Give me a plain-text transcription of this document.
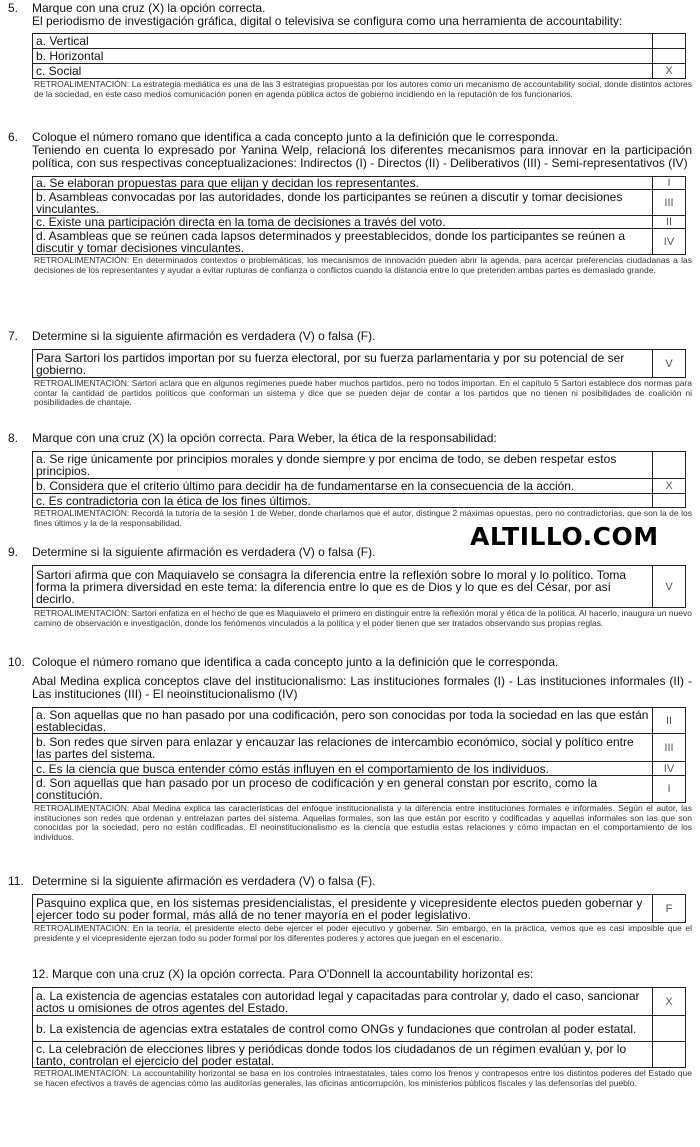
5. Marque con una cruz (X) la opción correcta.
El periodismo de investigación gráfica, digital o televisiva se configura como una herramienta de accountability:
a. Vertical	
b. Horizontal	
c. Social	X
RETROALIMENTACIÓN: La estrategia mediática es una de las 3 estrategias propuestas por los autores como un mecanismo de accountability social, donde distintos actores de la sociedad, en este caso medios comunicación ponen en agenda pública actos de gobierno incidiendo en la reputación de los funcionarios.
6. Coloque el número romano que identifica a cada concepto junto a la definición que le corresponda.
Teniendo en cuenta lo expresado por Yanina Welp, relacioná los diferentes mecanismos para innovar en la participación política, con sus respectivas conceptualizaciones: Indirectos (I) - Directos (II) - Deliberativos (III) - Semi-representativos (IV)
a. Se elaboran propuestas para que elijan y decidan los representantes.	I
b. Asambleas convocadas por las autoridades, donde los participantes se reúnen a discutir y tomar decisiones vinculantes.	III
c. Existe una participación directa en la toma de decisiones a través del voto.	II
d. Asambleas que se reúnen cada lapsos determinados y preestablecidos, donde los participantes se reúnen a discutir y tomar decisiones vinculantes.	IV
RETROALIMENTACIÓN: En determinados contextos o problemáticas, los mecanismos de innovación pueden abrir la agenda, para acercar preferencias ciudadanas a las decisiones de los representantes y ayudar a evitar rupturas de confianza o conflictos cuando la distancia entre lo que pretenden ambas partes es demasiado grande.
7. Determine si la siguiente afirmación es verdadera (V) o falsa (F).
Para Sartori los partidos importan por su fuerza electoral, por su fuerza parlamentaria y por su potencial de ser gobierno.	V
RETROALIMENTACIÓN: Sartori aclara que en algunos regímenes puede haber muchos partidos, pero no todos importan. En el capítulo 5 Sartori establece dos normas para contar la cantidad de partidos políticos que conforman un sistema y dice que se pueden dejar de contar a los partidos que no tienen ni posibilidades de coalición ni posibilidades de chantaje.
8. Marque con una cruz (X) la opción correcta. Para Weber, la ética de la responsabilidad:
a. Se rige únicamente por principios morales y donde siempre y por encima de todo, se deben respetar estos principios.	
b. Considera que el criterio último para decidir ha de fundamentarse en la consecuencia de la acción.	X
c. Es contradictoria con la ética de los fines últimos.	
RETROALIMENTACIÓN: Recordá la tutoría de la sesión 1 de Weber, donde charlamos que el autor, distingue 2 máximas opuestas, pero no contradictorias, que son la de los fines últimos y la de la responsabilidad.	ALTILLO.COM
9. Determine si la siguiente afirmación es verdadera (V) o falsa (F).
Sartori afirma que con Maquiavelo se consagra la diferencia entre la reflexión sobre lo moral y lo político. Toma forma la primera diversidad en este tema: la diferencia entre lo que es de Dios y lo que es del César, por así decirlo.	V
RETROALIMENTACIÓN: Sartori enfatiza en el hecho de que es Maquiavelo el primero en distinguir entre la reflexión moral y ética de la política. Al hacerlo, inaugura un nuevo camino de observación e investigación, donde los fenómenos vinculados a la política y el poder tienen que ser tratados observando sus propias reglas.
10. Coloque el número romano que identifica a cada concepto junto a la definición que le corresponda.
Abal Medina explica conceptos clave del institucionalismo: Las instituciones formales (I) - Las instituciones informales (II) - Las instituciones (III) - El neoinstitucionalismo (IV)
a. Son aquellas que no han pasado por una codificación, pero son conocidas por toda la sociedad en las que están establecidas.	II
b. Son redes que sirven para enlazar y encauzar las relaciones de intercambio económico, social y político entre las partes del sistema.	III
c. Es la ciencia que busca entender cómo estás influyen en el comportamiento de los individuos.	IV
d. Son aquellas que han pasado por un proceso de codificación y en general constan por escrito, como la constitución.	I
RETROALIMENTACIÓN: Abal Medina explica las características del enfoque institucionalista y la diferencia entre instituciones formales e informales. Según el autor, las instituciones son redes que ordenan y entrelazan partes del sistema. Aquellas formales, son las que están por escrito y codificadas y aquellas informales son las que son conocidas por la sociedad, pero no están codificadas. El neoinstitucionalismo es la ciencia que estudia estas relaciones y cómo impactan en el comportamiento de los individuos.
11. Determine si la siguiente afirmación es verdadera (V) o falsa (F).
Pasquino explica que, en los sistemas presidencialistas, el presidente y vicepresidente electos pueden gobernar y ejercer todo su poder formal, más allá de no tener mayoría en el poder legislativo.	F
RETROALIMENTACIÓN: En la teoría, el presidente electo debe ejercer el poder ejecutivo y gobernar. Sin embargo, en la práctica, vemos que es casi imposible que el presidente y el vicepresidente ejerzan todo su poder formal por los diferentes poderes y actores que juegan en el escenario.
12. Marque con una cruz (X) la opción correcta. Para O'Donnell la accountability horizontal es:
a. La existencia de agencias estatales con autoridad legal y capacitadas para controlar y, dado el caso, sancionar actos u omisiones de otros agentes del Estado.	X
b. La existencia de agencias extra estatales de control como ONGs y fundaciones que controlan al poder estatal.	
c. La celebración de elecciones libres y periódicas donde todos los ciudadanos de un régimen evalúan y, por lo tanto, controlan el ejercicio del poder estatal.	
RETROALIMENTACIÓN: La accountability horizontal se basa en los controles intraestatales, tales como los frenos y contrapesos entre los distintos poderes del Estado que se hacen efectivos a través de agencias cómo las auditorías generales, las oficinas anticorrupción, los ministerios públicos fiscales y las defensorías del pueblo.
